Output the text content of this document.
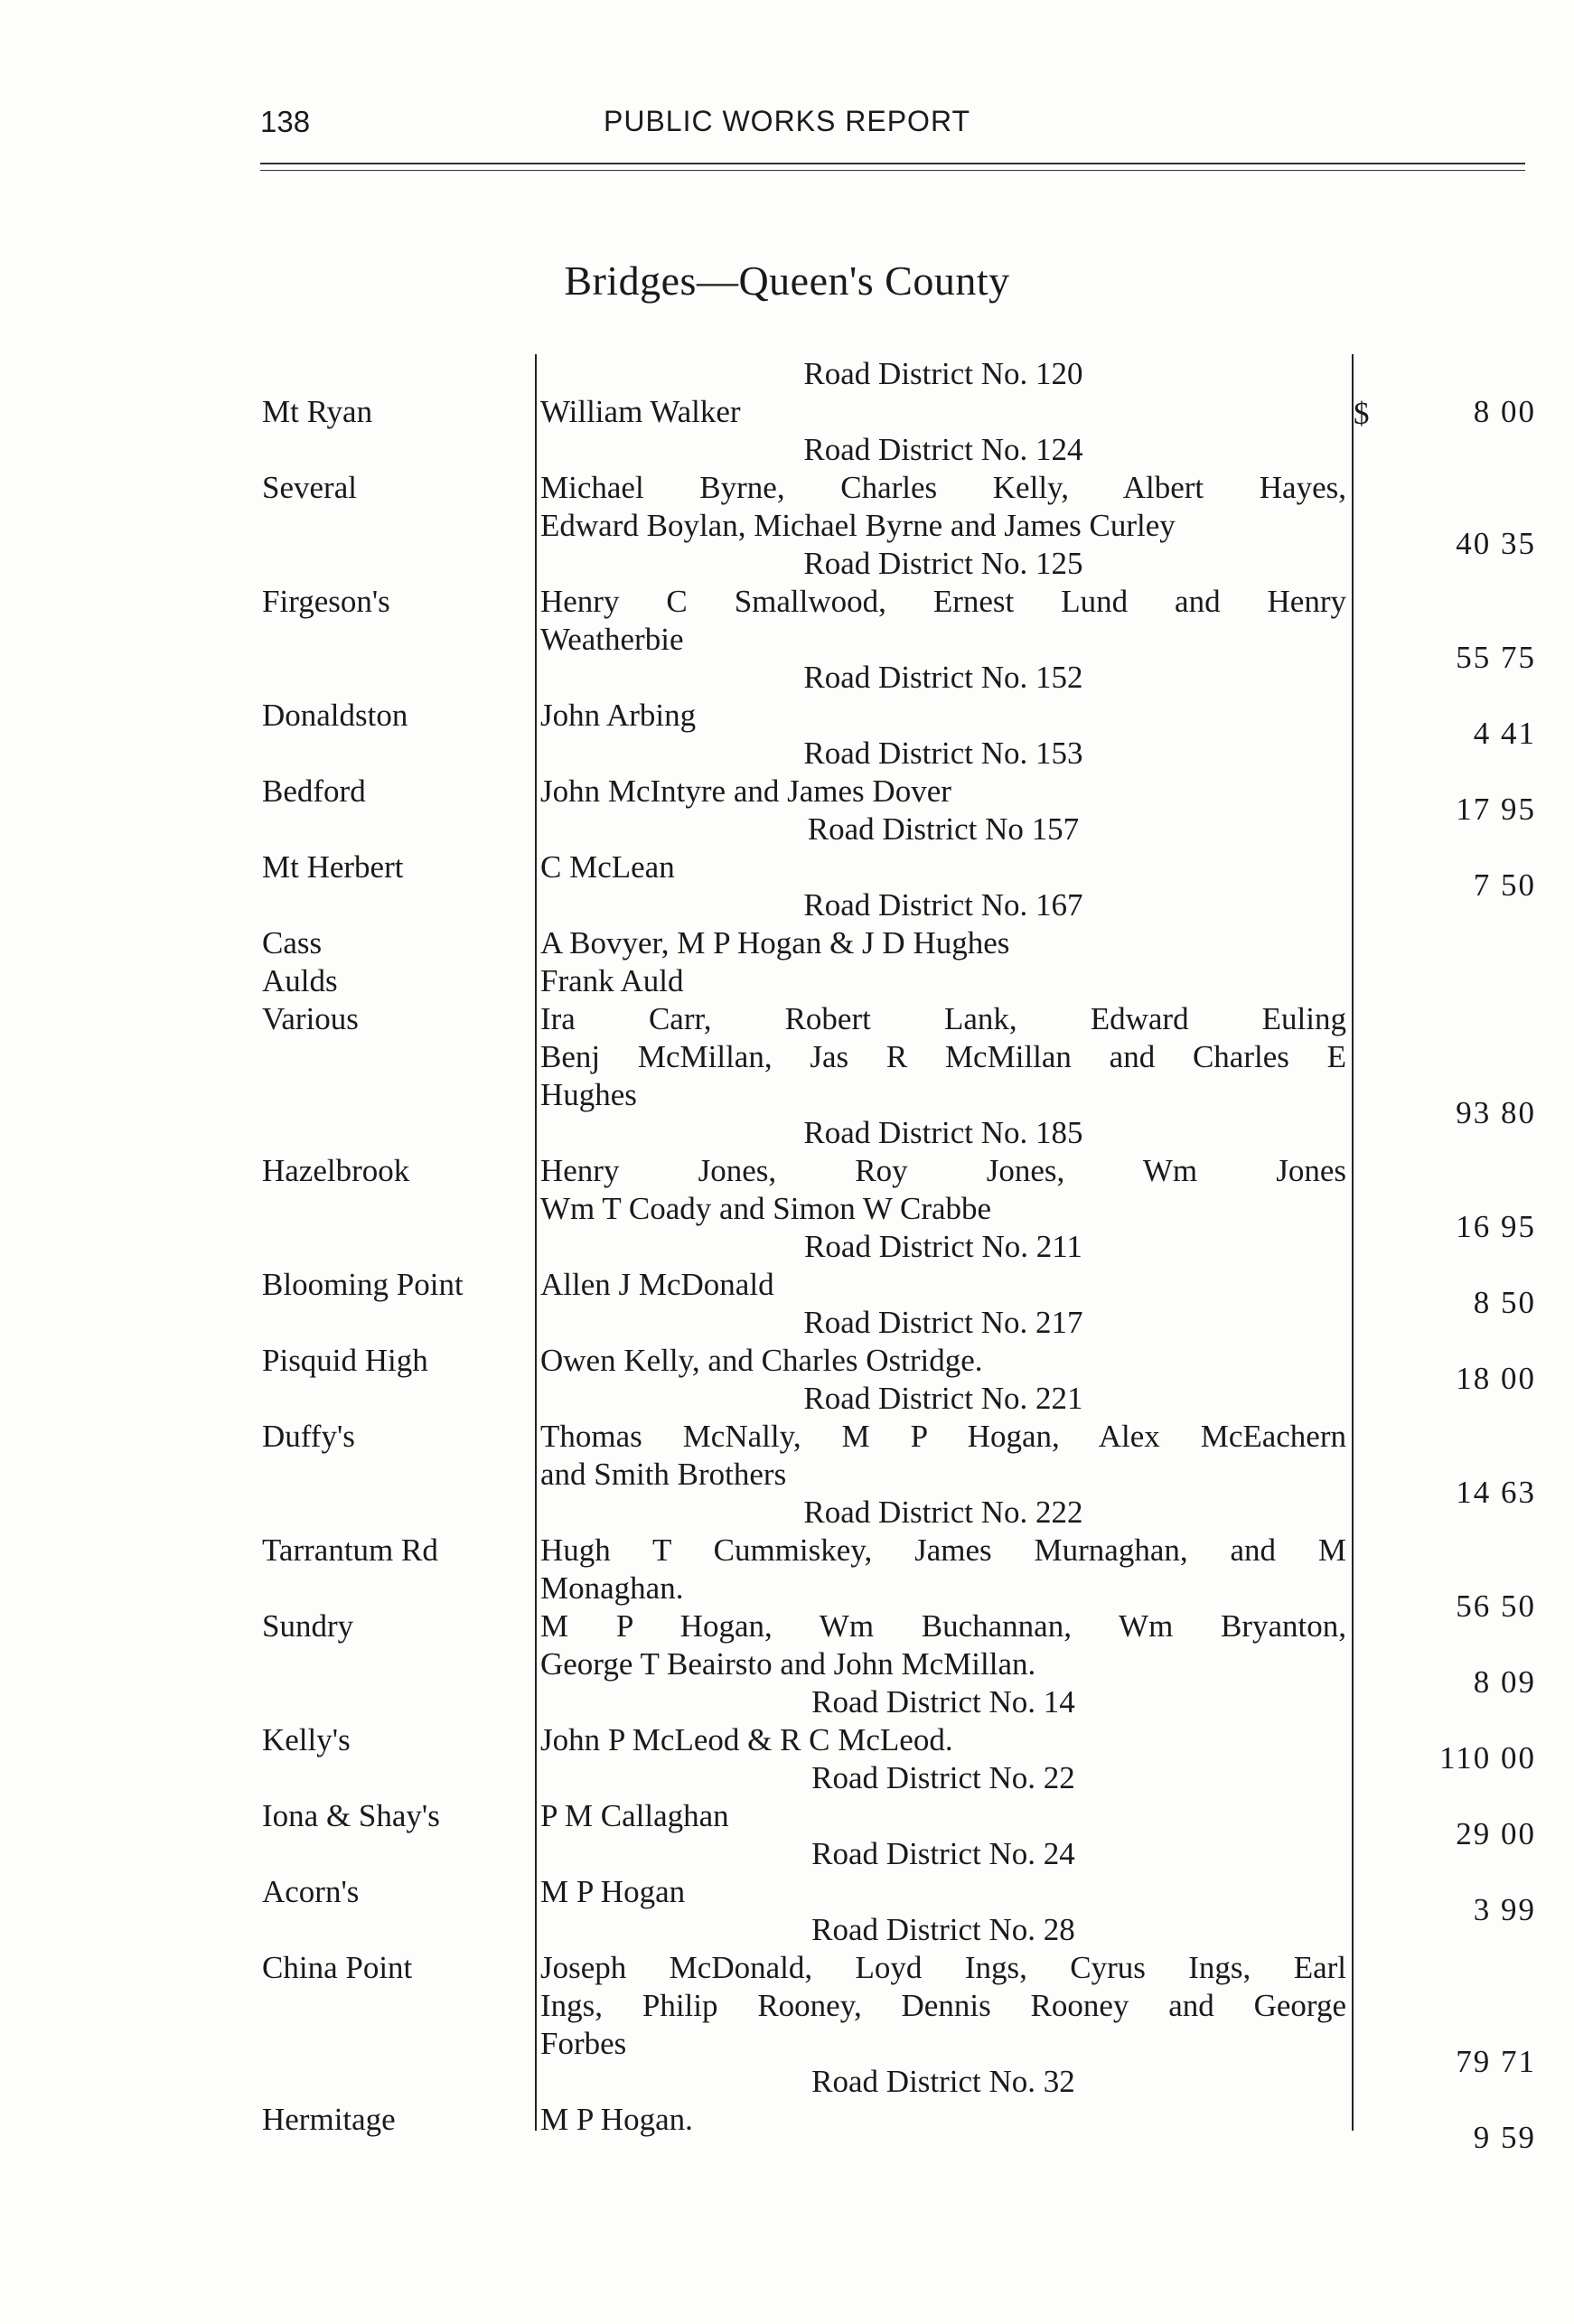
138	PUBLIC WORKS REPORT
Bridges—Queen's County
$
Road District No. 120
Mt Ryan	William Walker	8 00
Road District No. 124
Several	Michael Byrne, Charles Kelly, Albert Hayes,
Edward Boylan, Michael Byrne and James Curley
40 35
Road District No. 125
Firgeson's	Henry C Smallwood, Ernest Lund and Henry
Weatherbie
55 75
Road District No. 152
Donaldston	John Arbing
4 41
Road District No. 153
Bedford	John McIntyre and James Dover
17 95
Road District No 157
Mt Herbert	C McLean
7 50
Road District No. 167
Cass	A Bovyer, M P Hogan & J D Hughes
Aulds	Frank Auld
Various	Ira Carr, Robert Lank, Edward Euling
Benj McMillan, Jas R McMillan and Charles E
Hughes
93 80
Road District No. 185
Hazelbrook	Henry Jones, Roy Jones, Wm Jones
Wm T Coady and Simon W Crabbe
16 95
Road District No. 211
Blooming Point Allen J McDonald
8 50
Road District No. 217
Pisquid High	Owen Kelly, and Charles Ostridge.
18 00
Road District No. 221
Duffy's	Thomas McNally, M P Hogan, Alex McEachern
and Smith Brothers
14 63
Road District No. 222
Tarrantum Rd	Hugh T Cummiskey, James Murnaghan, and M
Monaghan.
56 50
Sundry	M P Hogan, Wm Buchannan, Wm Bryanton,
George T Beairsto and John McMillan.
8 09
Road District No. 14
Kelly's	John P McLeod & R C McLeod.
110 00
Road District No. 22
Iona & Shay's	P M Callaghan
29 00
Road District No. 24
Acorn's	M P Hogan
3 99
Road District No. 28
China Point	Joseph McDonald, Loyd Ings, Cyrus Ings, Earl
Ings, Philip Rooney, Dennis Rooney and George
Forbes
79 71
Road District No. 32
Hermitage	M P Hogan.
9 59
